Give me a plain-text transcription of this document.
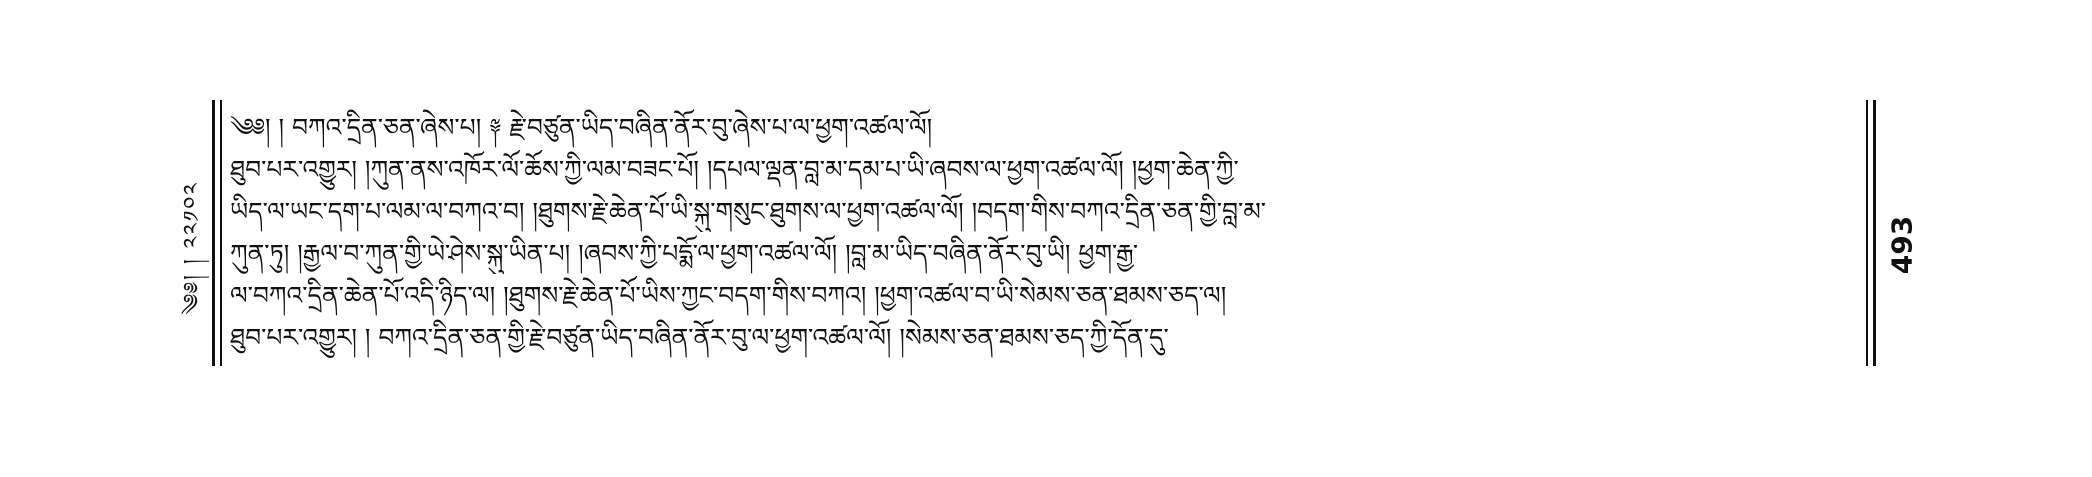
༄༅། ། ༢༢༡༠༢
༄༅། ། བཀའ་དྲིན་ཅན་ཞེས་པ། ༈ རྗེ་བཙུན་ཡིད་བཞིན་ནོར་བུ་ཞེས་པ་ལ་ཕྱག་འཚལ་ལོ།
ཐུབ་པར་འགྱུར། །ཀུན་ནས་འཁོར་ལོ་ཆོས་ཀྱི་ལམ་བཟང་པོ། །དཔལ་ལྡན་བླ་མ་དམ་པ་ཡི་ཞབས་ལ་ཕྱག་འཚལ་ལོ། །ཕྱག་ཆེན་ཀྱི་
ཡིད་ལ་ཡང་དག་པ་ལམ་ལ་བཀའ་བ། །ཐུགས་རྗེ་ཆེན་པོ་ཡི་སྐུ་གསུང་ཐུགས་ལ་ཕྱག་འཚལ་ལོ། །བདག་གིས་བཀའ་དྲིན་ཅན་གྱི་བླ་མ་
ཀུན་ཏུ། །རྒྱལ་བ་ཀུན་གྱི་ཡེ་ཤེས་སྐུ་ཡིན་པ། །ཞབས་ཀྱི་པདྨོ་ལ་ཕྱག་འཚལ་ལོ། །བླ་མ་ཡིད་བཞིན་ནོར་བུ་ཡི། ཕྱག་རྒྱ་
ལ་བཀའ་དྲིན་ཆེན་པོ་འདི་ཉིད་ལ། །ཐུགས་རྗེ་ཆེན་པོ་ཡིས་ཀྱང་བདག་གིས་བཀའ། །ཕྱག་འཚལ་བ་ཡི་སེམས་ཅན་ཐམས་ཅད་ལ།
ཐུབ་པར་འགྱུར། ། བཀའ་དྲིན་ཅན་གྱི་རྗེ་བཙུན་ཡིད་བཞིན་ནོར་བུ་ལ་ཕྱག་འཚལ་ལོ། །སེམས་ཅན་ཐམས་ཅད་ཀྱི་དོན་དུ་
493
